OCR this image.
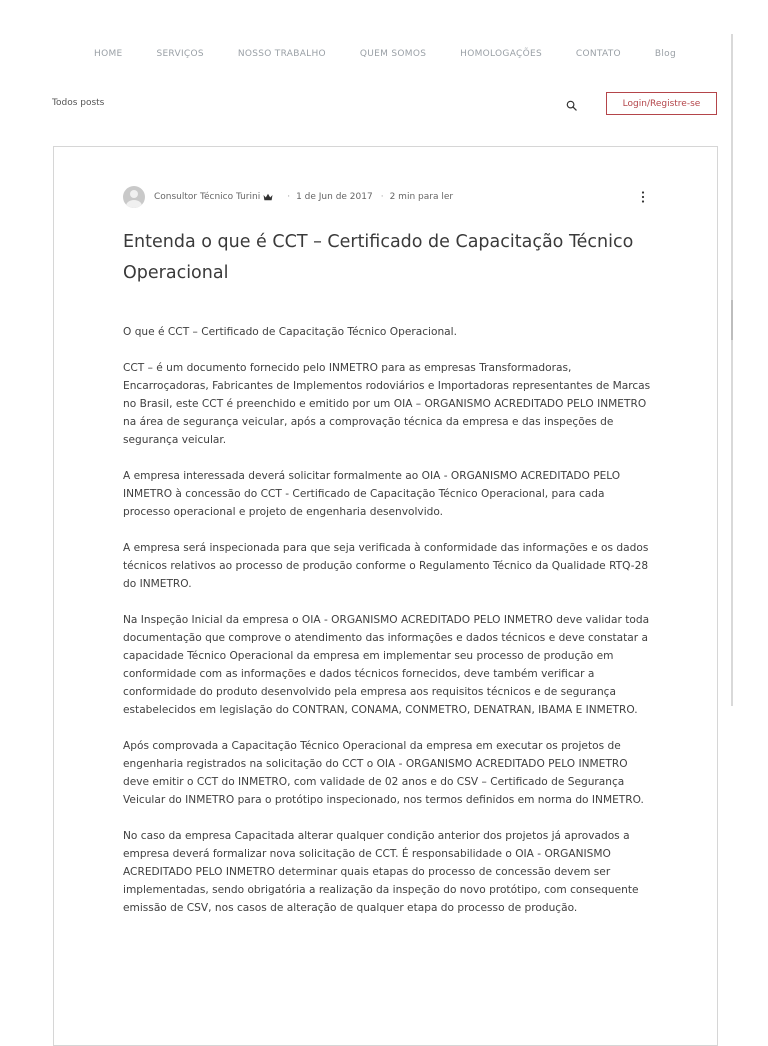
HOME	SERVIÇOS	NOSSO TRABALHO	QUEM SOMOS	HOMOLOGAÇÕES	CONTATO	Blog
Todos posts	Login/Registre-se
Consultor Técnico Turini	· 1 de Jun de 2017 · 2 min para ler
Entenda o que é CCT – Certificado de Capacitação Técnico Operacional

O que é CCT – Certificado de Capacitação Técnico Operacional.

CCT – é um documento fornecido pelo INMETRO para as empresas Transformadoras, Encarroçadoras, Fabricantes de Implementos rodoviários e Importadoras representantes de Marcas no Brasil, este CCT é preenchido e emitido por um OIA – ORGANISMO ACREDITADO PELO INMETRO na área de segurança veicular, após a comprovação técnica da empresa e das inspeções de segurança veicular.

A empresa interessada deverá solicitar formalmente ao OIA - ORGANISMO ACREDITADO PELO INMETRO à concessão do CCT - Certificado de Capacitação Técnico Operacional, para cada processo operacional e projeto de engenharia desenvolvido.

A empresa será inspecionada para que seja verificada à conformidade das informações e os dados técnicos relativos ao processo de produção conforme o Regulamento Técnico da Qualidade RTQ-28 do INMETRO.

Na Inspeção Inicial da empresa o OIA - ORGANISMO ACREDITADO PELO INMETRO deve validar toda documentação que comprove o atendimento das informações e dados técnicos e deve constatar a capacidade Técnico Operacional da empresa em implementar seu processo de produção em conformidade com as informações e dados técnicos fornecidos, deve também verificar a conformidade do produto desenvolvido pela empresa aos requisitos técnicos e de segurança estabelecidos em legislação do CONTRAN, CONAMA, CONMETRO, DENATRAN, IBAMA E INMETRO.

Após comprovada a Capacitação Técnico Operacional da empresa em executar os projetos de engenharia registrados na solicitação do CCT o OIA - ORGANISMO ACREDITADO PELO INMETRO deve emitir o CCT do INMETRO, com validade de 02 anos e do CSV – Certificado de Segurança Veicular do INMETRO para o protótipo inspecionado, nos termos definidos em norma do INMETRO.

No caso da empresa Capacitada alterar qualquer condição anterior dos projetos já aprovados a empresa deverá formalizar nova solicitação de CCT. É responsabilidade o OIA - ORGANISMO ACREDITADO PELO INMETRO determinar quais etapas do processo de concessão devem ser implementadas, sendo obrigatória a realização da inspeção do novo protótipo, com consequente emissão de CSV, nos casos de alteração de qualquer etapa do processo de produção.
